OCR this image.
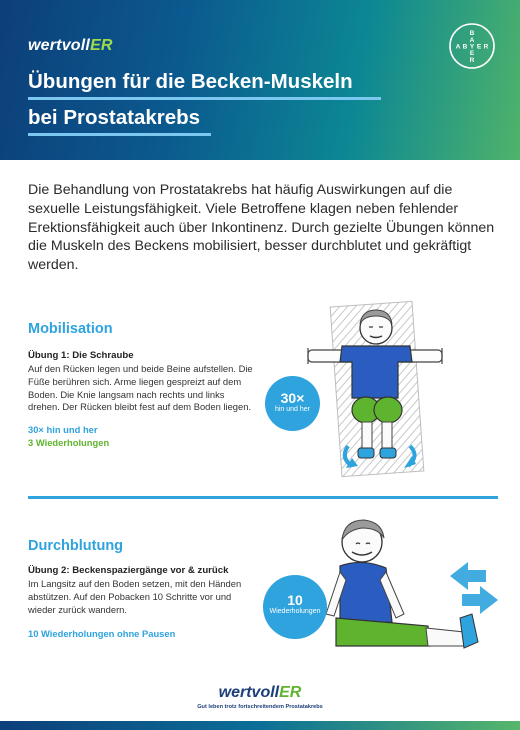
wertvollER
Übungen für die Becken-Muskeln
bei Prostatakrebs
B
A
A B Y E R
E
R

Die Behandlung von Prostatakrebs hat häufig Auswirkungen auf die sexuelle Leistungsfähigkeit. Viele Betroffene klagen neben fehlender Erektionsfähigkeit auch über Inkontinenz. Durch gezielte Übungen können die Muskeln des Beckens mobilisiert, besser durchblutet und gekräftigt werden.

Mobilisation
Übung 1: Die Schraube

Auf den Rücken legen und beide Beine aufstellen. Die Füße berühren sich. Arme liegen gespreizt auf dem Boden. Die Knie langsam nach rechts und links drehen. Der Rücken bleibt fest auf dem Boden liegen.

30× hin und her
3 Wiederholungen
30×
hin und her
Durchblutung
Übung 2: Beckenspaziergänge vor & zurück

Im Langsitz auf den Boden setzen, mit den Händen abstützen. Auf den Pobacken 10 Schritte vor und wieder zurück wandern.

10 Wiederholungen ohne Pausen
10
Wiederholungen
wertvollER
Gut leben trotz fortschreitendem Prostatakrebs
